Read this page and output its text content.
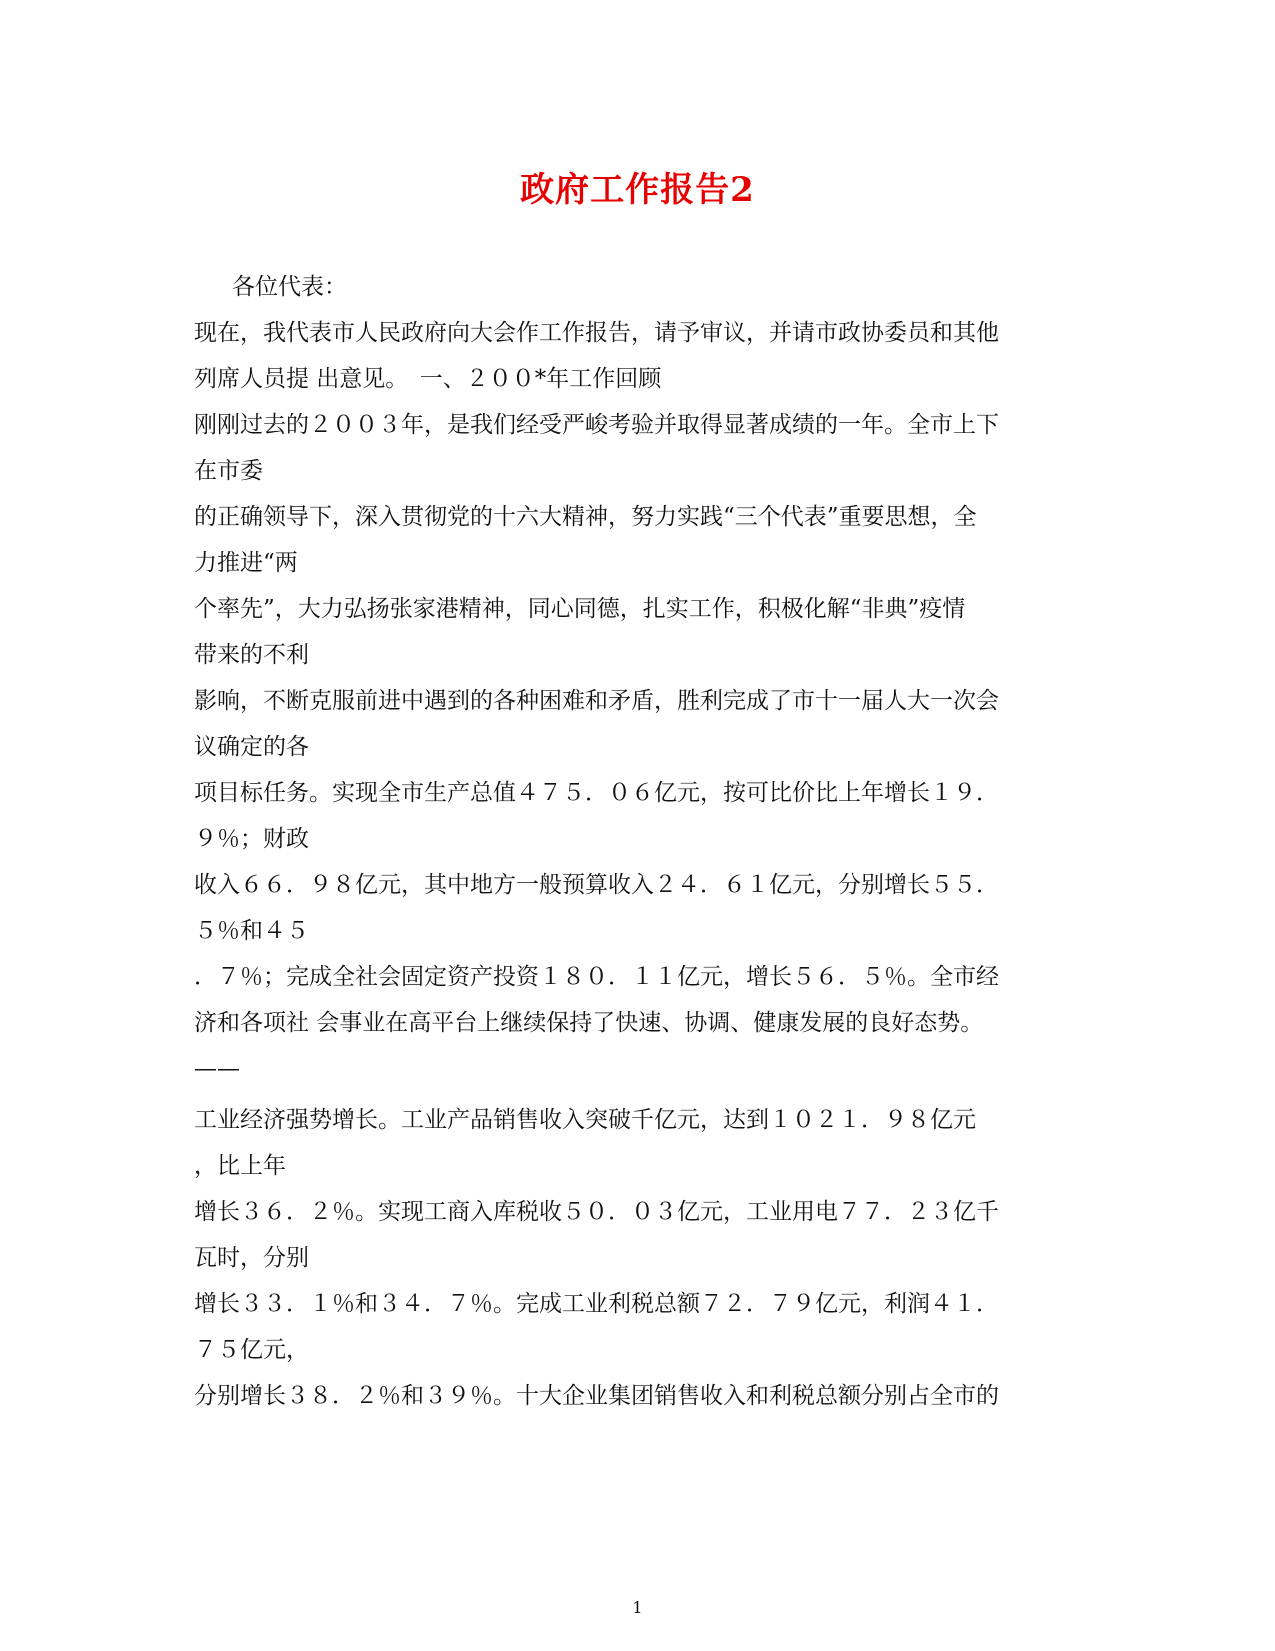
政府工作报告2
各位代表：
现在，我代表市人民政府向大会作工作报告，请予审议，并请市政协委员和其他
列席人员提 出意见。　一、２００*年工作回顾
刚刚过去的２００３年，是我们经受严峻考验并取得显著成绩的一年。全市上下
在市委
的正确领导下，深入贯彻党的十六大精神，努力实践“三个代表”重要思想，全
力推进“两
个率先”，大力弘扬张家港精神，同心同德，扎实工作，积极化解“非典”疫情
带来的不利
影响，不断克服前进中遇到的各种困难和矛盾，胜利完成了市十一届人大一次会
议确定的各
项目标任务。实现全市生产总值４７５．０６亿元，按可比价比上年增长１９．
９％；财政
收入６６．９８亿元，其中地方一般预算收入２４．６１亿元，分别增长５５．
５％和４５
．７％；完成全社会固定资产投资１８０．１１亿元，增长５６．５％。全市经
济和各项社 会事业在高平台上继续保持了快速、协调、健康发展的良好态势。
——
工业经济强势增长。工业产品销售收入突破千亿元，达到１０２１．９８亿元
，比上年
增长３６．２％。实现工商入库税收５０．０３亿元，工业用电７７．２３亿千
瓦时，分别
增长３３．１％和３４．７％。完成工业利税总额７２．７９亿元，利润４１．
７５亿元，
分别增长３８．２％和３９％。十大企业集团销售收入和利税总额分别占全市的
1
